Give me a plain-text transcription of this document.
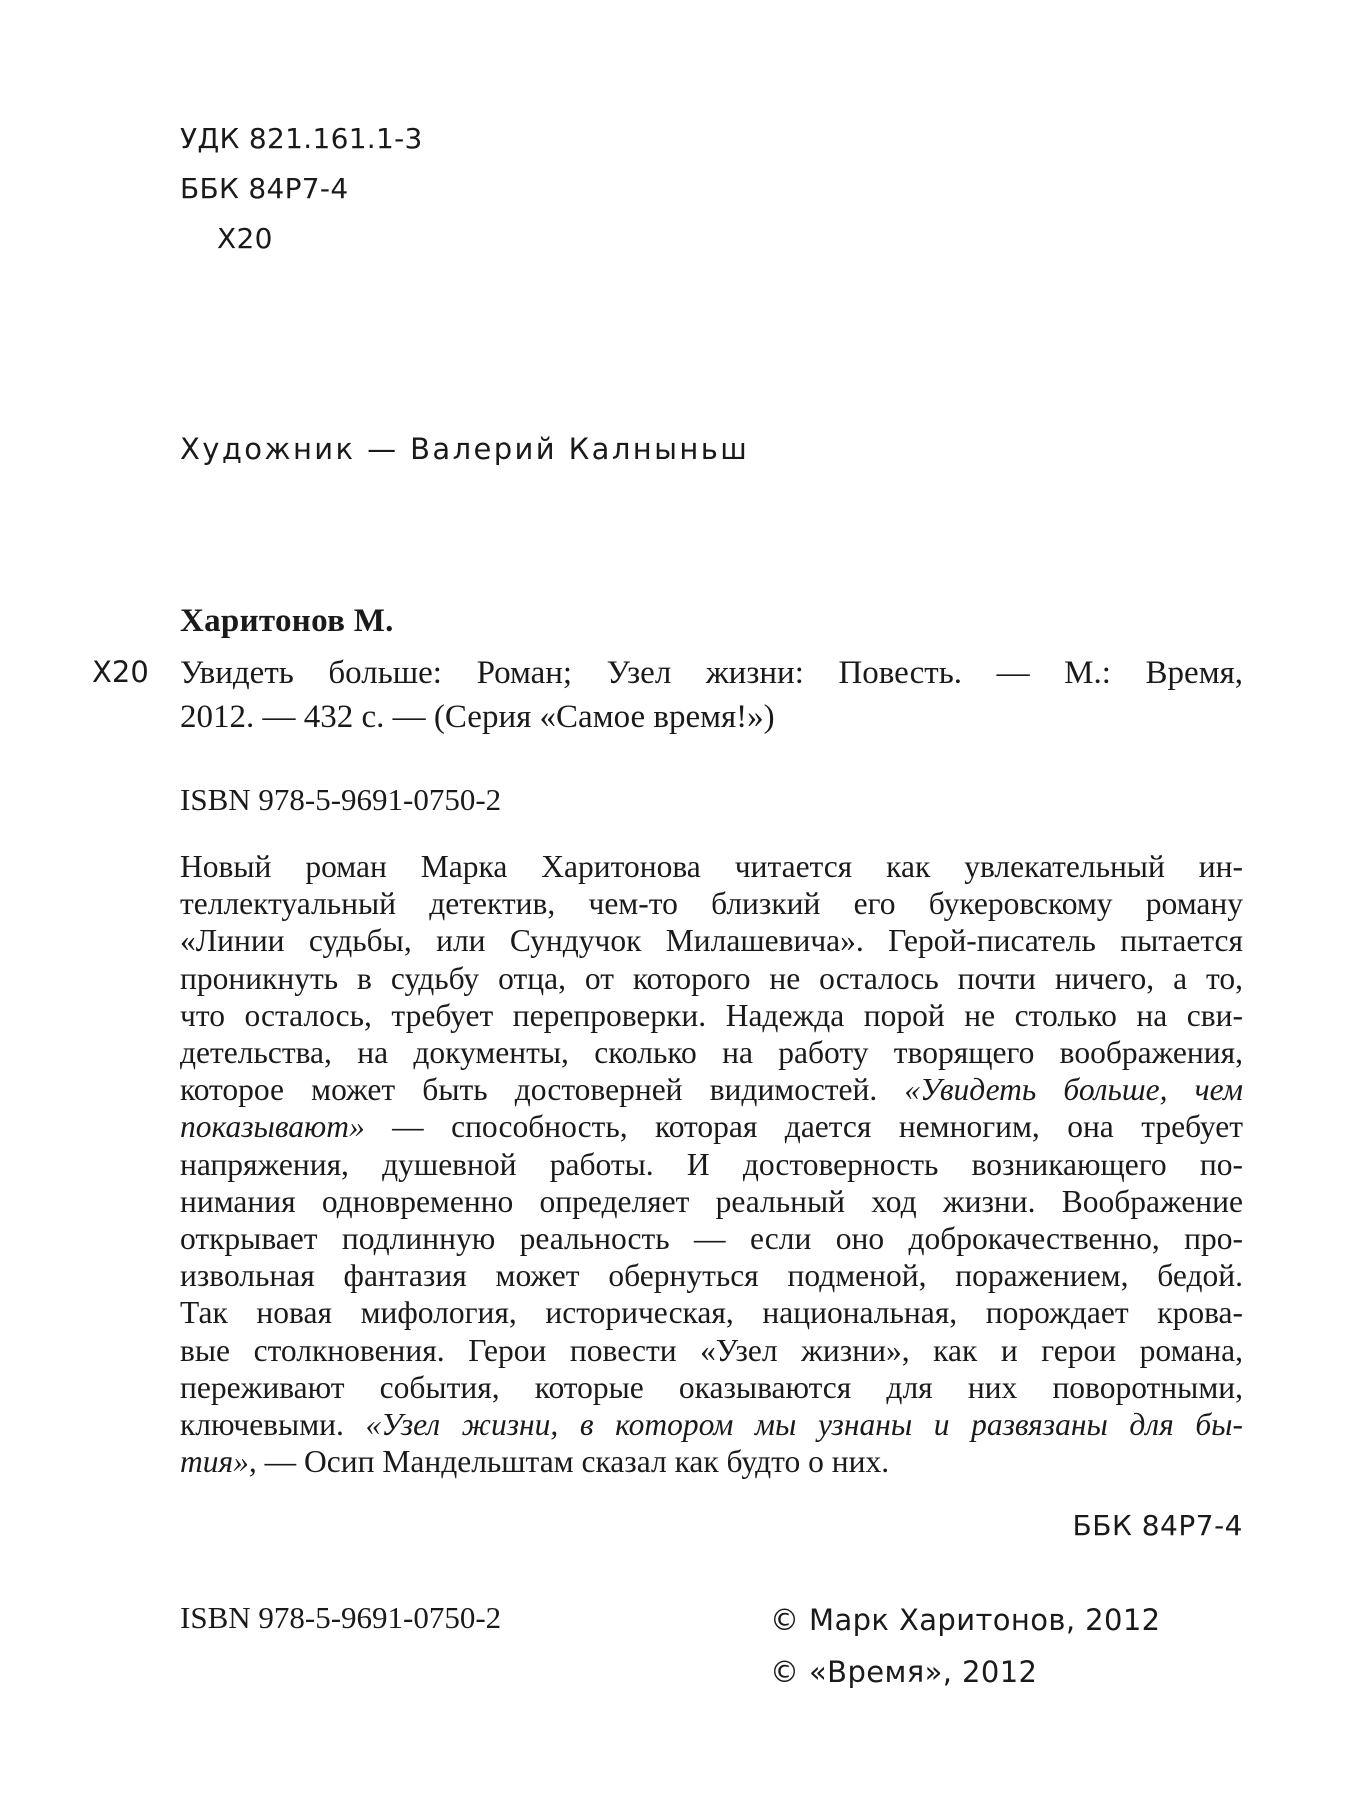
УДК 821.161.1-3
ББК 84Р7-4
Х20
Художник — Валерий Калныньш
Харитонов М.
Х20 Увидеть больше: Роман; Узел жизни: Повесть. — М.: Время,
2012. — 432 с. — (Серия «Самое время!»)
ISBN 978-5-9691-0750-2
Новый роман Марка Харитонова читается как увлекательный ин-
теллектуальный детектив, чем-то близкий его букеровскому роману
«Линии судьбы, или Сундучок Милашевича». Герой-писатель пытается
проникнуть в судьбу отца, от которого не осталось почти ничего, а то,
что осталось, требует перепроверки. Надежда порой не столько на сви-
детельства, на документы, сколько на работу творящего воображения,
которое может быть достоверней видимостей. «Увидеть больше, чем
показывают» — способность, которая дается немногим, она требует
напряжения, душевной работы. И достоверность возникающего по-
нимания одновременно определяет реальный ход жизни. Воображение
открывает подлинную реальность — если оно доброкачественно, про-
извольная фантазия может обернуться подменой, поражением, бедой.
Так новая мифология, историческая, национальная, порождает крова-
вые столкновения. Герои повести «Узел жизни», как и герои романа,
переживают события, которые оказываются для них поворотными,
ключевыми. «Узел жизни, в котором мы узнаны и развязаны для бы-
тия», — Осип Мандельштам сказал как будто о них.
ББК 84Р7-4
ISBN 978-5-9691-0750-2	© Марк Харитонов, 2012
© «Время», 2012
